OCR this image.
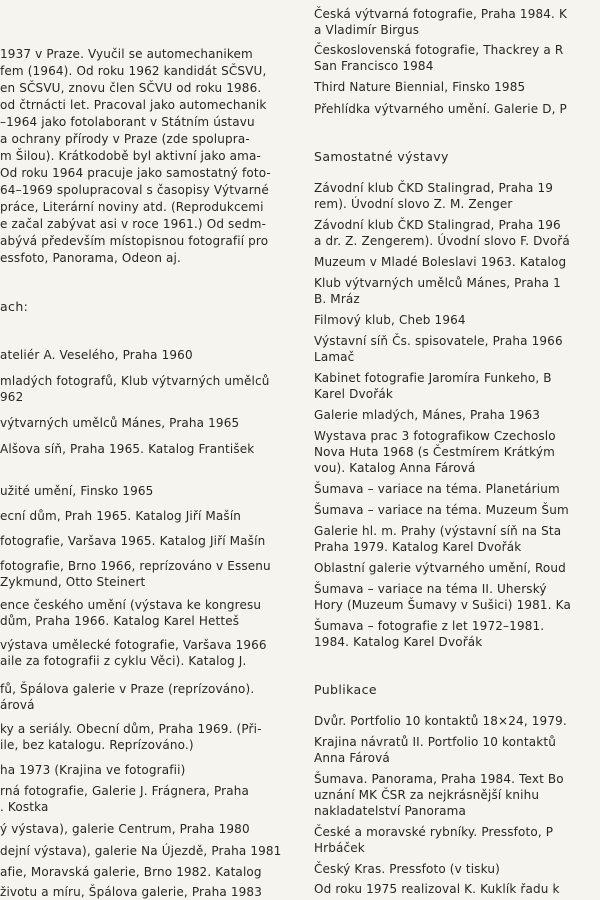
1937 v Praze. Vyučil se automechanikem
fem (1964). Od roku 1962 kandidát SČSVU,
en SČSVU, znovu člen SČVU od roku 1986.
od čtrnácti let. Pracoval jako automechanik
–1964 jako fotolaborant v Státním ústavu
a ochrany přírody v Praze (zde spolupra-
m Šilou). Krátkodobě byl aktivní jako ama-
Od roku 1964 pracuje jako samostatný foto-
64–1969 spolupracoval s časopisy Výtvarné
práce, Literární noviny atd. (Reprodukcemi
e začal zabývat asi v roce 1961.) Od sedm-
abývá především místopisnou fotografií pro
essfoto, Panorama, Odeon aj.
ach:
ateliér A. Veselého, Praha 1960
mladých fotografů, Klub výtvarných umělců
962
výtvarných umělců Mánes, Praha 1965
Alšova síň, Praha 1965. Katalog František
užité umění, Finsko 1965
ecní dům, Prah 1965. Katalog Jiří Mašín
fotografie, Varšava 1965. Katalog Jiří Mašín
fotografie, Brno 1966, reprízováno v Essenu
Zykmund, Otto Steinert
ence českého umění (výstava ke kongresu
dům, Praha 1966. Katalog Karel Hetteš
výstava umělecké fotografie, Varšava 1966
aile za fotografii z cyklu Věci). Katalog J.
fů, Špálova galerie v Praze (reprízováno).
árová
ky a seriály. Obecní dům, Praha 1969. (Při-
ile, bez katalogu. Reprízováno.)
ha 1973 (Krajina ve fotografii)
rná fotografie, Galerie J. Frágnera, Praha
. Kostka
ý výstava), galerie Centrum, Praha 1980
dejní výstava), galerie Na Újezdě, Praha 1981
afie, Moravská galerie, Brno 1982. Katalog
životu a míru, Špálova galerie, Praha 1983
Česká výtvarná fotografie, Praha 1984. K
a Vladimír Birgus
Československá fotografie, Thackrey a R
San Francisco 1984
Third Nature Biennial, Finsko 1985
Přehlídka výtvarného umění. Galerie D, P
Samostatné výstavy
Závodní klub ČKD Stalingrad, Praha 19
rem). Úvodní slovo Z. M. Zenger
Závodní klub ČKD Stalingrad, Praha 196
a dr. Z. Zengerem). Úvodní slovo F. Dvořá
Muzeum v Mladé Boleslavi 1963. Katalog
Klub výtvarných umělců Mánes, Praha 1
B. Mráz
Filmový klub, Cheb 1964
Výstavní síň Čs. spisovatele, Praha 1966
Lamač
Kabinet fotografie Jaromíra Funkeho, B
Karel Dvořák
Galerie mladých, Mánes, Praha 1963
Wystava prac 3 fotografikow Czechoslo
Nova Huta 1968 (s Čestmírem Krátkým
vou). Katalog Anna Fárová
Šumava – variace na téma. Planetárium
Šumava – variace na téma. Muzeum Šum
Galerie hl. m. Prahy (výstavní síň na Sta
Praha 1979. Katalog Karel Dvořák
Oblastní galerie výtvarného umění, Roud
Šumava – variace na téma II. Uherský
Hory (Muzeum Šumavy v Sušici) 1981. Ka
Šumava – fotografie z let 1972–1981.
1984. Katalog Karel Dvořák
Publikace
Dvůr. Portfolio 10 kontaktů 18×24, 1979.
Krajina návratů II. Portfolio 10 kontaktů
Anna Fárová
Šumava. Panorama, Praha 1984. Text Bo
uznání MK ČSR za nejkrásnější knihu
nakladatelství Panorama
České a moravské rybníky. Pressfoto, P
Hrbáček
Český Kras. Pressfoto (v tisku)
Od roku 1975 realizoval K. Kuklík řadu k
